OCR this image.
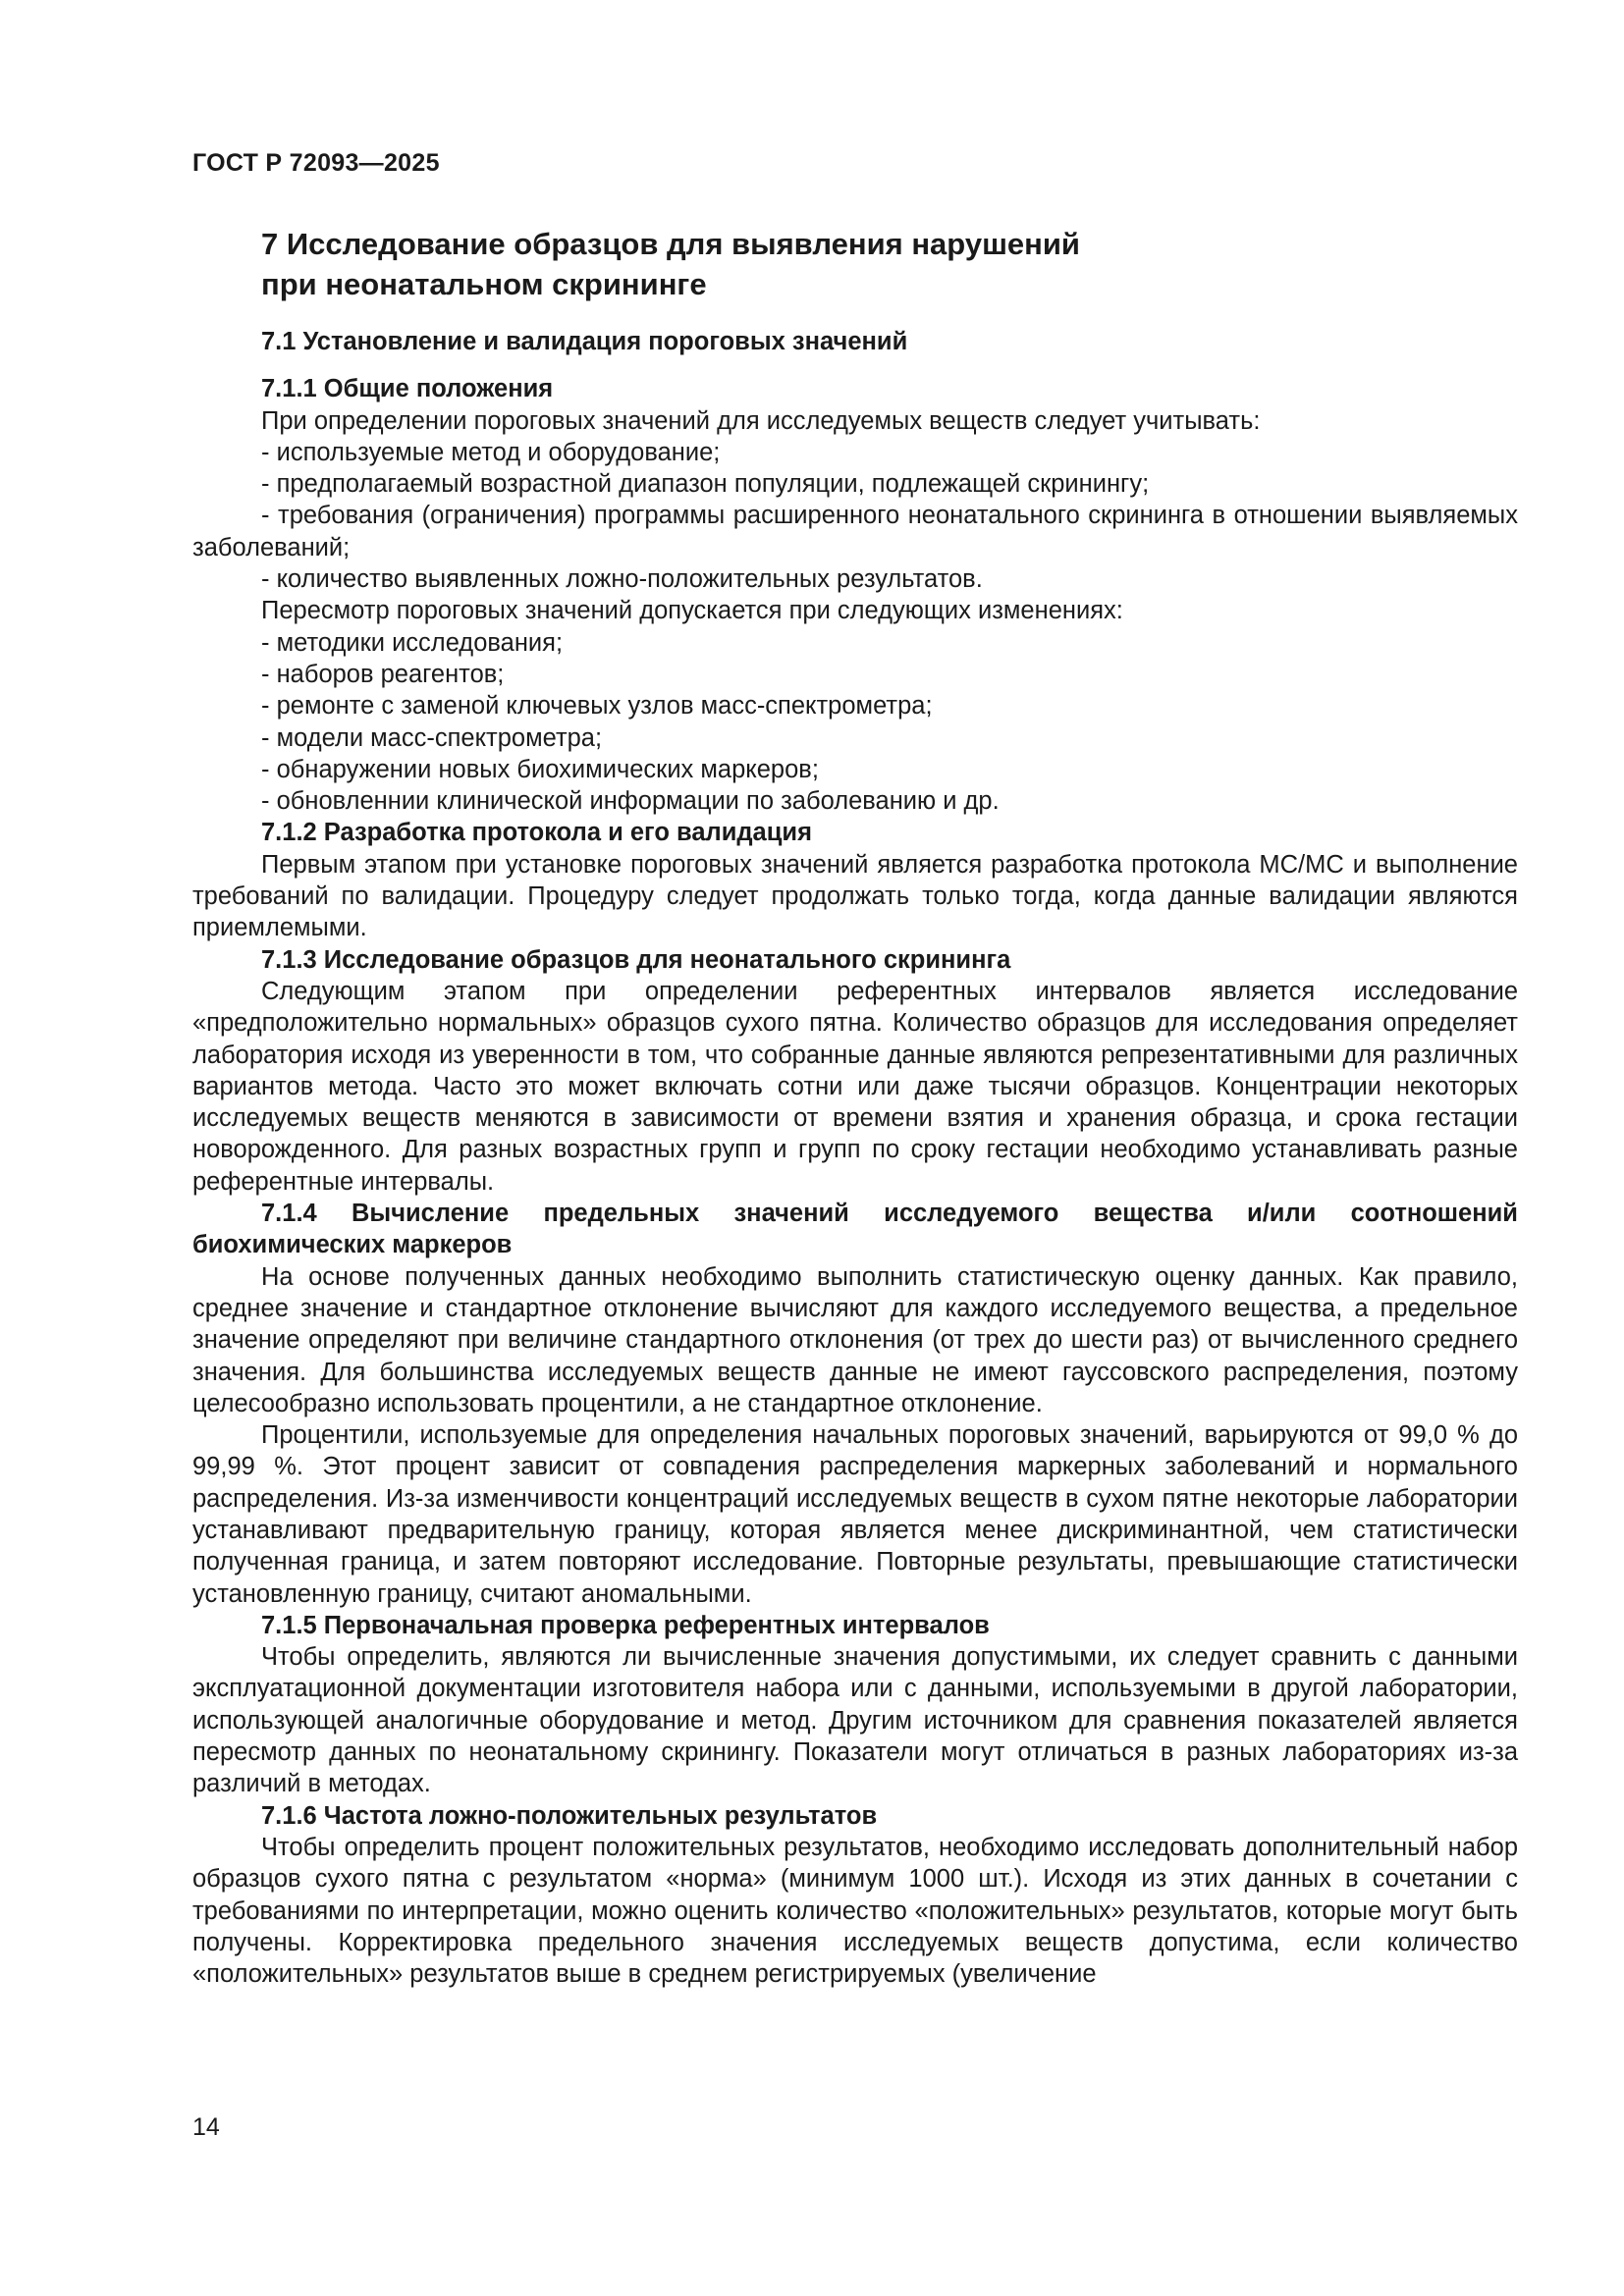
ГОСТ Р 72093—2025
7 Исследование образцов для выявления нарушений
при неонатальном скрининге
7.1 Установление и валидация пороговых значений
7.1.1 Общие положения
При определении пороговых значений для исследуемых веществ следует учитывать:
- используемые метод и оборудование;
- предполагаемый возрастной диапазон популяции, подлежащей скринингу;
- требования (ограничения) программы расширенного неонатального скрининга в отношении выявляемых заболеваний;
- количество выявленных ложно-положительных результатов.
Пересмотр пороговых значений допускается при следующих изменениях:
- методики исследования;
- наборов реагентов;
- ремонте с заменой ключевых узлов масс-спектрометра;
- модели масс-спектрометра;
- обнаружении новых биохимических маркеров;
- обновленнии клинической информации по заболеванию и др.
7.1.2 Разработка протокола и его валидация

Первым этапом при установке пороговых значений является разработка протокола МС/МС и выполнение требований по валидации. Процедуру следует продолжать только тогда, когда данные валидации являются приемлемыми.

7.1.3 Исследование образцов для неонатального скрининга

Следующим этапом при определении референтных интервалов является исследование «предположительно нормальных» образцов сухого пятна. Количество образцов для исследования определяет лаборатория исходя из уверенности в том, что собранные данные являются репрезентативными для различных вариантов метода. Часто это может включать сотни или даже тысячи образцов. Концентрации некоторых исследуемых веществ меняются в зависимости от времени взятия и хранения образца, и срока гестации новорожденного. Для разных возрастных групп и групп по сроку гестации необходимо устанавливать разные референтные интервалы.

7.1.4 Вычисление предельных значений исследуемого вещества и/или соотношений биохимических маркеров

На основе полученных данных необходимо выполнить статистическую оценку данных. Как правило, среднее значение и стандартное отклонение вычисляют для каждого исследуемого вещества, а предельное значение определяют при величине стандартного отклонения (от трех до шести раз) от вычисленного среднего значения. Для большинства исследуемых веществ данные не имеют гауссовского распределения, поэтому целесообразно использовать процентили, а не стандартное отклонение.

Процентили, используемые для определения начальных пороговых значений, варьируются от 99,0 % до 99,99 %. Этот процент зависит от совпадения распределения маркерных заболеваний и нормального распределения. Из-за изменчивости концентраций исследуемых веществ в сухом пятне некоторые лаборатории устанавливают предварительную границу, которая является менее дискриминантной, чем статистически полученная граница, и затем повторяют исследование. Повторные результаты, превышающие статистически установленную границу, считают аномальными.

7.1.5 Первоначальная проверка референтных интервалов

Чтобы определить, являются ли вычисленные значения допустимыми, их следует сравнить с данными эксплуатационной документации изготовителя набора или с данными, используемыми в другой лаборатории, использующей аналогичные оборудование и метод. Другим источником для сравнения показателей является пересмотр данных по неонатальному скринингу. Показатели могут отличаться в разных лабораториях из-за различий в методах.

7.1.6 Частота ложно-положительных результатов

Чтобы определить процент положительных результатов, необходимо исследовать дополнительный набор образцов сухого пятна с результатом «норма» (минимум 1000 шт.). Исходя из этих данных в сочетании с требованиями по интерпретации, можно оценить количество «положительных» результатов, которые могут быть получены. Корректировка предельного значения исследуемых веществ допустима, если количество «положительных» результатов выше в среднем регистрируемых (увеличение

14
